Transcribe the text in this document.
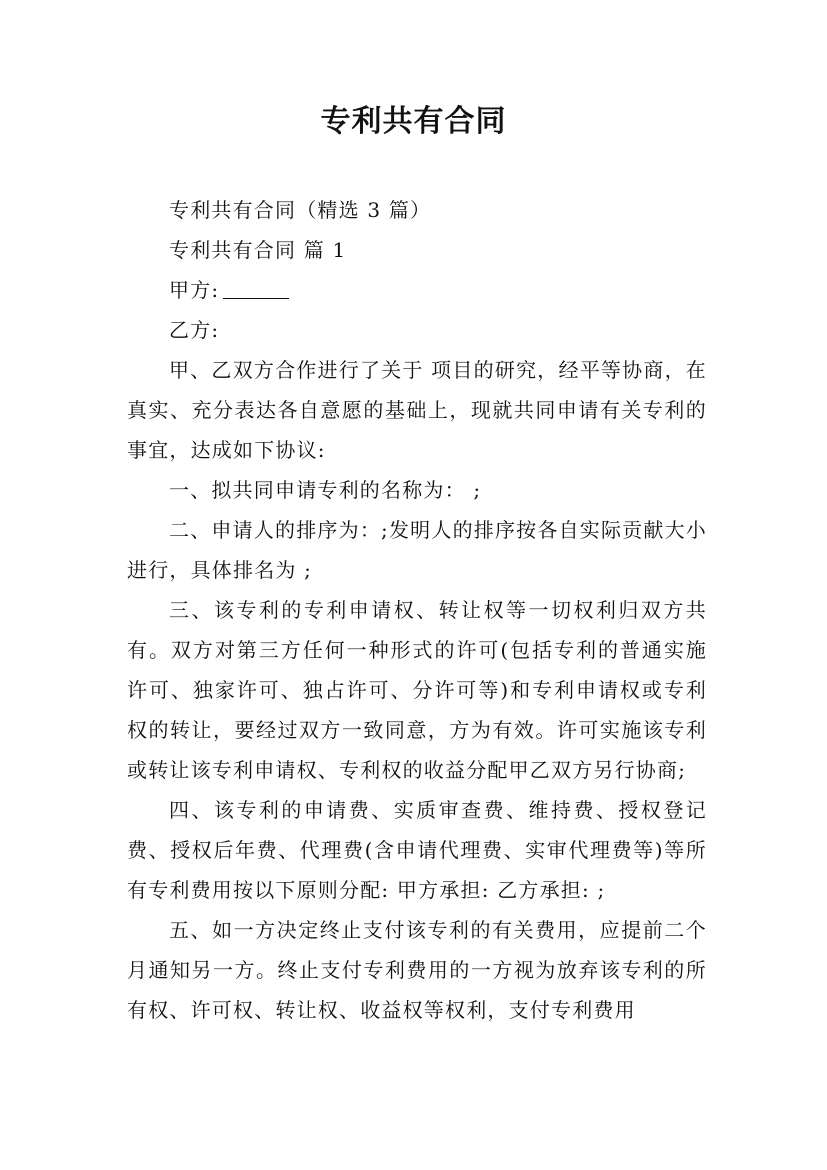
专利共有合同

专利共有合同（精选 3 篇）

专利共有合同 篇 1

甲方:

乙方:

甲、乙双方合作进行了关于 项目的研究，经平等协商，在真实、充分表达各自意愿的基础上，现就共同申请有关专利的事宜，达成如下协议:

一、拟共同申请专利的名称为： ;

二、申请人的排序为：;发明人的排序按各自实际贡献大小进行，具体排名为 ;

三、该专利的专利申请权、转让权等一切权利归双方共有。双方对第三方任何一种形式的许可(包括专利的普通实施许可、独家许可、独占许可、分许可等)和专利申请权或专利权的转让，要经过双方一致同意，方为有效。许可实施该专利或转让该专利申请权、专利权的收益分配甲乙双方另行协商;

四、该专利的申请费、实质审查费、维持费、授权登记费、授权后年费、代理费(含申请代理费、实审代理费等)等所有专利费用按以下原则分配: 甲方承担: 乙方承担: ;

五、如一方决定终止支付该专利的有关费用，应提前二个月通知另一方。终止支付专利费用的一方视为放弃该专利的所有权、许可权、转让权、收益权等权利，支付专利费用
